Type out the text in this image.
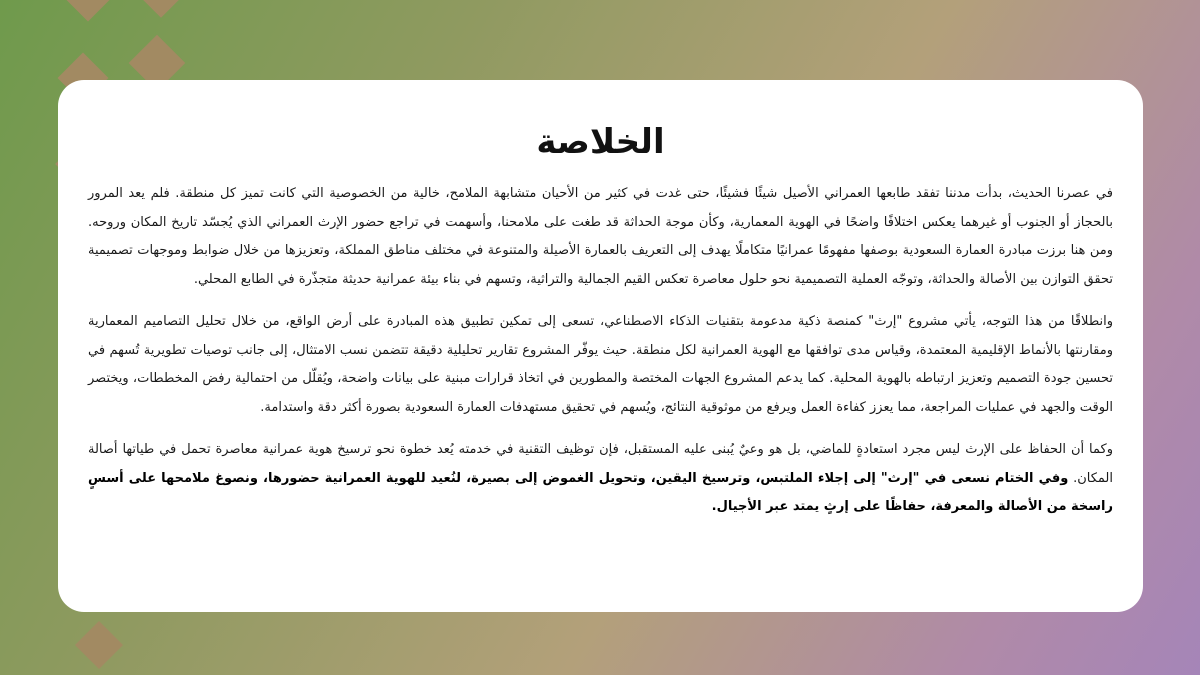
الخلاصة

في عصرنا الحديث، بدأت مدننا تفقد طابعها العمراني الأصيل شيئًا فشيئًا، حتى غدت في كثير من الأحيان متشابهة الملامح، خالية من الخصوصية التي كانت تميز كل منطقة. فلم يعد المرور بالحجاز أو الجنوب أو غيرهما يعكس اختلافًا واضحًا في الهوية المعمارية، وكأن موجة الحداثة قد طغت على ملامحنا، وأسهمت في تراجع حضور الإرث العمراني الذي يُجسّد تاريخ المكان وروحه. ومن هنا برزت مبادرة العمارة السعودية بوصفها مفهومًا عمرانيًا متكاملًا يهدف إلى التعريف بالعمارة الأصيلة والمتنوعة في مختلف مناطق المملكة، وتعزيزها من خلال ضوابط وموجهات تصميمية تحقق التوازن بين الأصالة والحداثة، وتوجّه العملية التصميمية نحو حلول معاصرة تعكس القيم الجمالية والتراثية، وتسهم في بناء بيئة عمرانية حديثة متجذّرة في الطابع المحلي.

وانطلاقًا من هذا التوجه، يأتي مشروع "إرث" كمنصة ذكية مدعومة بتقنيات الذكاء الاصطناعي، تسعى إلى تمكين تطبيق هذه المبادرة على أرض الواقع، من خلال تحليل التصاميم المعمارية ومقارنتها بالأنماط الإقليمية المعتمدة، وقياس مدى توافقها مع الهوية العمرانية لكل منطقة. حيث يوفّر المشروع تقارير تحليلية دقيقة تتضمن نسب الامتثال، إلى جانب توصيات تطويرية تُسهم في تحسين جودة التصميم وتعزيز ارتباطه بالهوية المحلية. كما يدعم المشروع الجهات المختصة والمطورين في اتخاذ قرارات مبنية على بيانات واضحة، ويُقلّل من احتمالية رفض المخططات، ويختصر الوقت والجهد في عمليات المراجعة، مما يعزز كفاءة العمل ويرفع من موثوقية النتائج، ويُسهم في تحقيق مستهدفات العمارة السعودية بصورة أكثر دقة واستدامة.

وكما أن الحفاظ على الإرث ليس مجرد استعادةٍ للماضي، بل هو وعيٌ يُبنى عليه المستقبل، فإن توظيف التقنية في خدمته يُعد خطوة نحو ترسيخ هوية عمرانية معاصرة تحمل في طياتها أصالة المكان. وفي الختام نسعى في "إرث" إلى إجلاء الملتبس، وترسيخ اليقين، وتحويل الغموض إلى بصيرة، لنُعيد للهوية العمرانية حضورها، ونصوغ ملامحها على أسسٍ راسخة من الأصالة والمعرفة، حفاظًا على إرثٍ يمتد عبر الأجيال.
